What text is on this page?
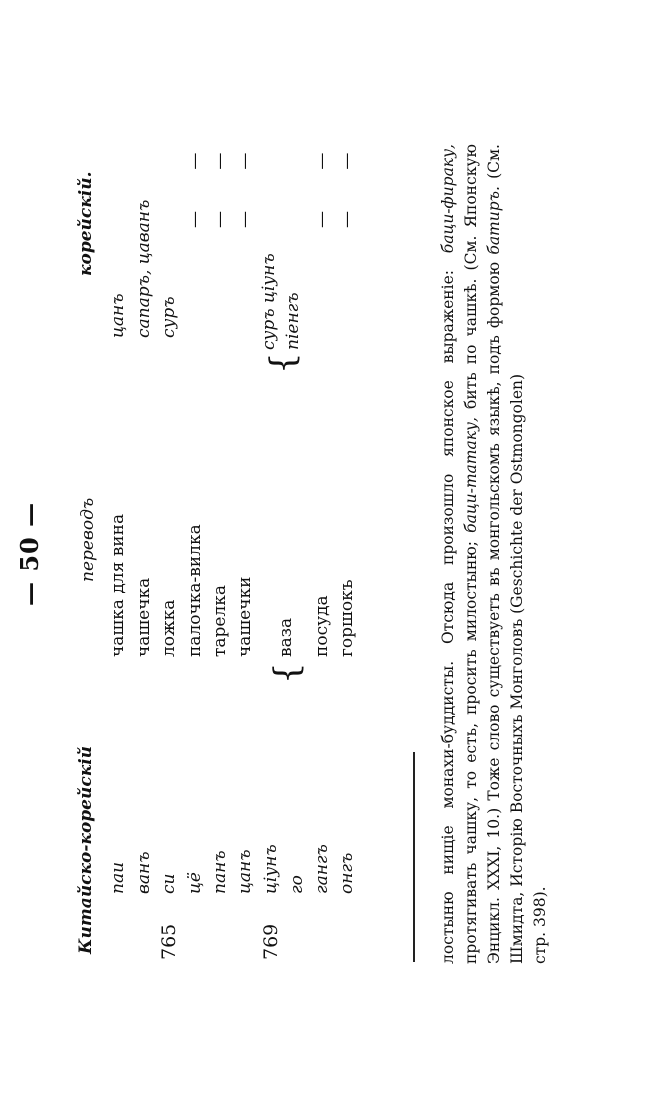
— 50 —
Китайско-корейскій
переводъ
корейскій.
паи
чашка для вина
цанъ
ванъ
чашечка
сапаръ, цаванъ
765
си
ложка
суръ
цё
палочка-вилка
— —
панъ
тарелка
— —
цанъ
чашечки
— —
769
цiунъ го
{
ваза
{
суръ цiунъ пiенгъ
гангъ
посуда
— —
онгъ
горшокъ
— —
лостыню нищіе монахи-буддисты. Отсюда произошло японское выраженіе: бацu-фuраку, протягивать чашку, то есть, просить милостыню; бацu-татаку, бить по чашкѣ. (См. Японскую Энцикл. XXXI, 10.) Тоже слово существуетъ въ монгольскомъ языкѣ, подъ формою батuръ. (См. Шмидта, Исторiю Восточныхъ Монголовъ (Geschichte der Ostmongolen) стр. 398).
